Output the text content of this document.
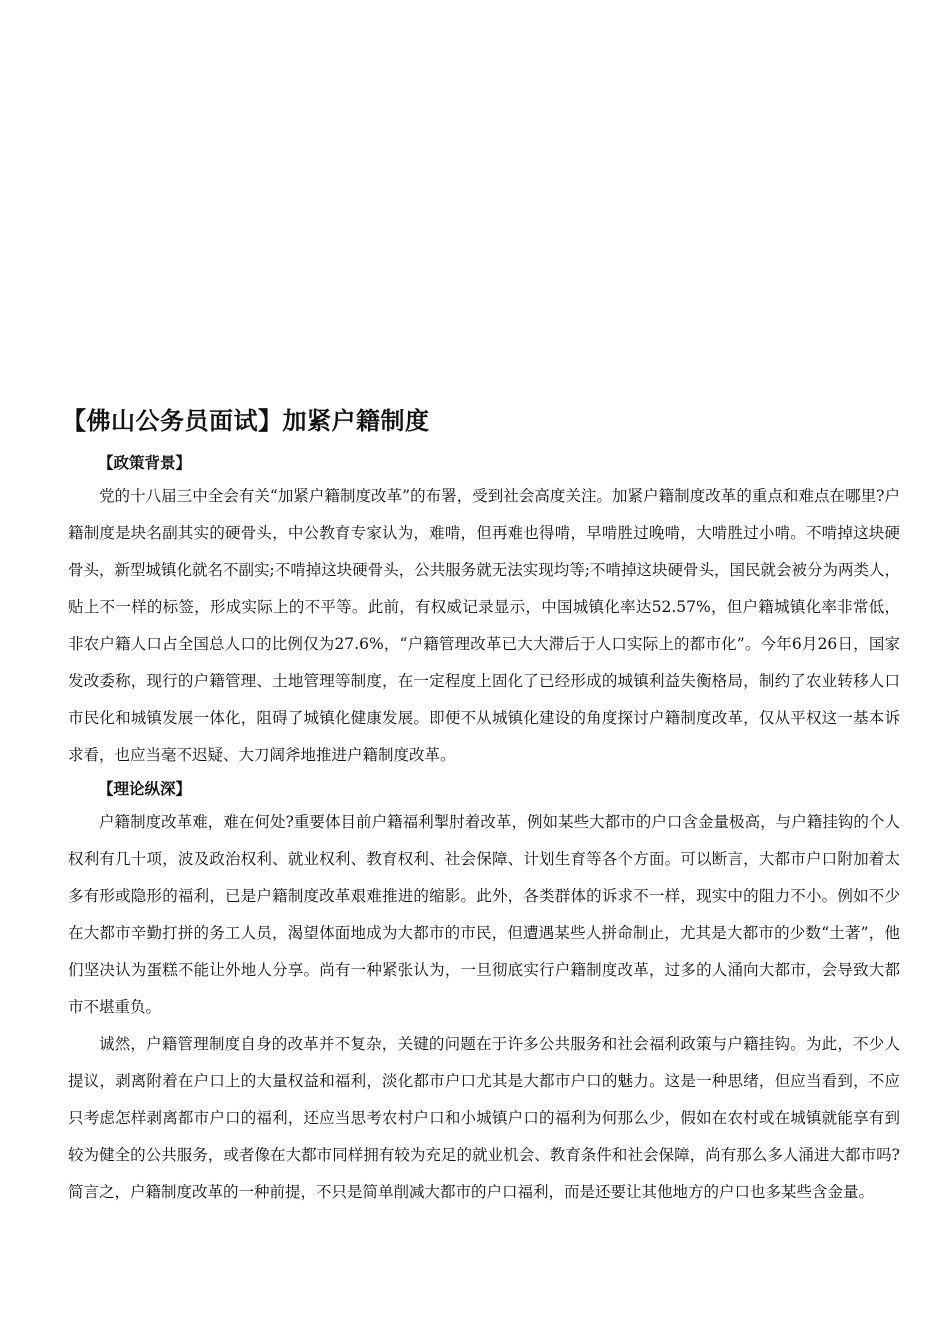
【佛山公务员面试】加紧户籍制度
【政策背景】

党的十八届三中全会有关“加紧户籍制度改革”的布署，受到社会高度关注。加紧户籍制度改革的重点和难点在哪里?户籍制度是块名副其实的硬骨头，中公教育专家认为，难啃，但再难也得啃，早啃胜过晚啃，大啃胜过小啃。不啃掉这块硬骨头，新型城镇化就名不副实;不啃掉这块硬骨头，公共服务就无法实现均等;不啃掉这块硬骨头，国民就会被分为两类人，贴上不一样的标签，形成实际上的不平等。此前，有权威记录显示，中国城镇化率达52.57%，但户籍城镇化率非常低，非农户籍人口占全国总人口的比例仅为27.6%，“户籍管理改革已大大滞后于人口实际上的都市化”。今年6月26日，国家发改委称，现行的户籍管理、土地管理等制度，在一定程度上固化了已经形成的城镇利益失衡格局，制约了农业转移人口市民化和城镇发展一体化，阻碍了城镇化健康发展。即便不从城镇化建设的角度探讨户籍制度改革，仅从平权这一基本诉求看，也应当毫不迟疑、大刀阔斧地推进户籍制度改革。

【理论纵深】

户籍制度改革难，难在何处?重要体目前户籍福利掣肘着改革，例如某些大都市的户口含金量极高，与户籍挂钩的个人权利有几十项，波及政治权利、就业权利、教育权利、社会保障、计划生育等各个方面。可以断言，大都市户口附加着太多有形或隐形的福利，已是户籍制度改革艰难推进的缩影。此外，各类群体的诉求不一样，现实中的阻力不小。例如不少在大都市辛勤打拼的务工人员，渴望体面地成为大都市的市民，但遭遇某些人拼命制止，尤其是大都市的少数“土著”，他们坚决认为蛋糕不能让外地人分享。尚有一种紧张认为，一旦彻底实行户籍制度改革，过多的人涌向大都市，会导致大都市不堪重负。

诚然，户籍管理制度自身的改革并不复杂，关键的问题在于许多公共服务和社会福利政策与户籍挂钩。为此，不少人提议，剥离附着在户口上的大量权益和福利，淡化都市户口尤其是大都市户口的魅力。这是一种思绪，但应当看到，不应只考虑怎样剥离都市户口的福利，还应当思考农村户口和小城镇户口的福利为何那么少，假如在农村或在城镇就能享有到较为健全的公共服务，或者像在大都市同样拥有较为充足的就业机会、教育条件和社会保障，尚有那么多人涌进大都市吗?简言之，户籍制度改革的一种前提，不只是简单削减大都市的户口福利，而是还要让其他地方的户口也多某些含金量。
